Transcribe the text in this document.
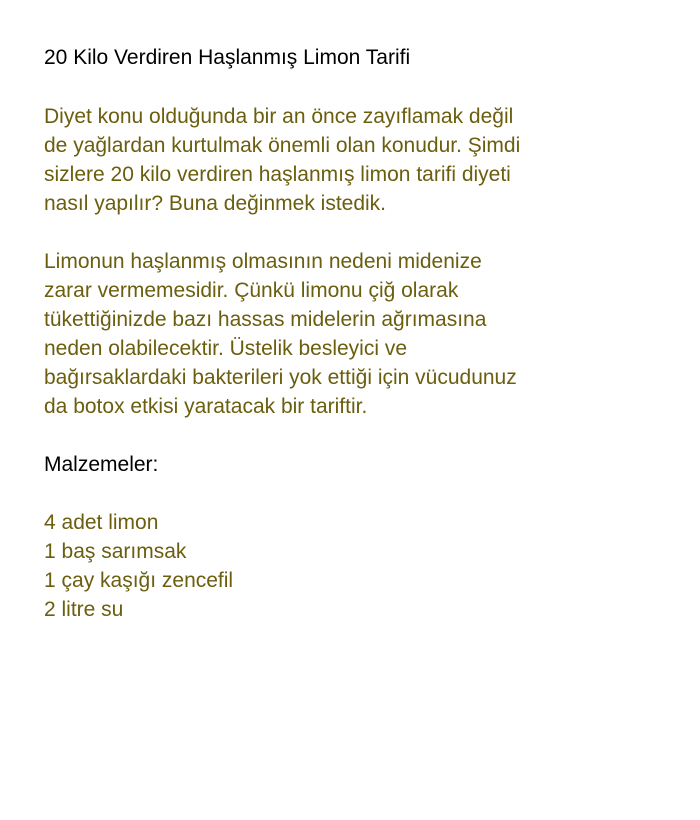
20 Kilo Verdiren Haşlanmış Limon Tarifi

Diyet konu olduğunda bir an önce zayıflamak değil
de yağlardan kurtulmak önemli olan konudur. Şimdi
sizlere 20 kilo verdiren haşlanmış limon tarifi diyeti
nasıl yapılır? Buna değinmek istedik.

Limonun haşlanmış olmasının nedeni midenize
zarar vermemesidir. Çünkü limonu çiğ olarak
tükettiğinizde bazı hassas midelerin ağrımasına
neden olabilecektir. Üstelik besleyici ve
bağırsaklardaki bakterileri yok ettiği için vücudunuz
da botox etkisi yaratacak bir tariftir.

Malzemeler:

4 adet limon
1 baş sarımsak
1 çay kaşığı zencefil
2 litre su
